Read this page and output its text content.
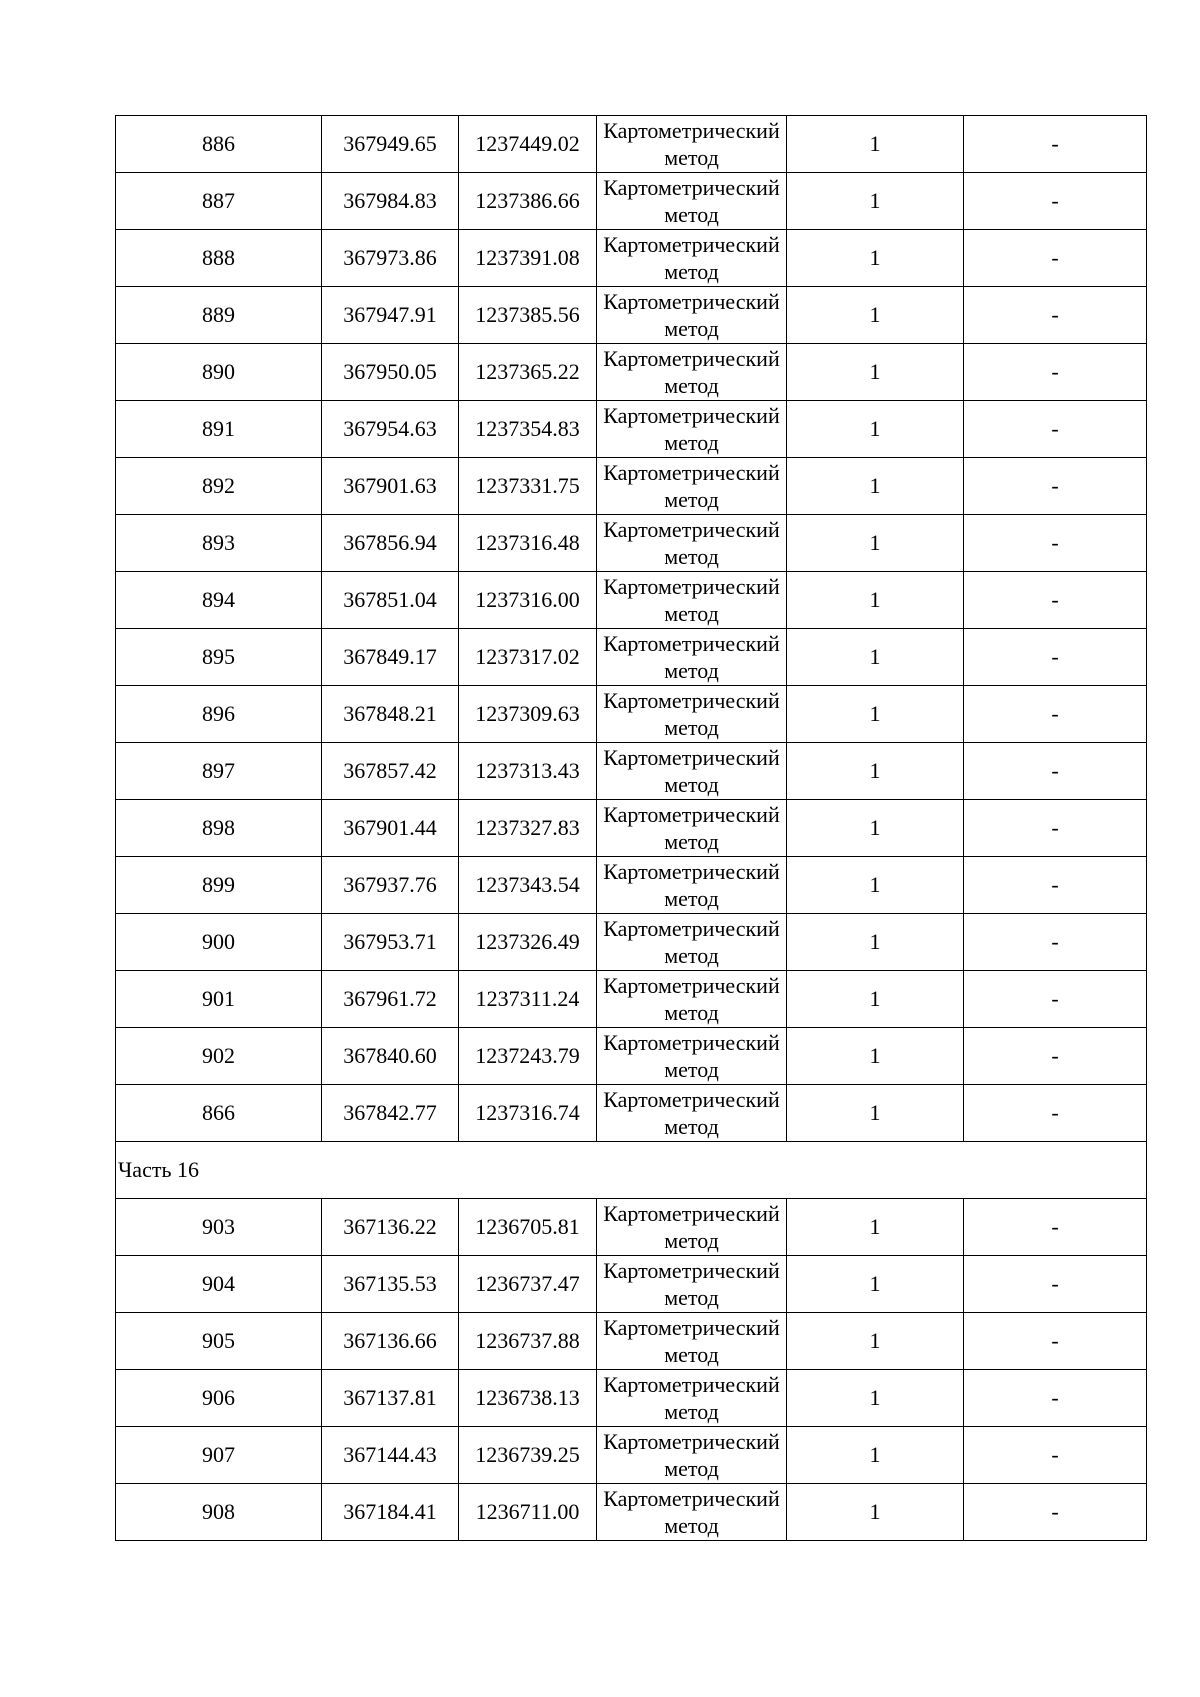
886	367949.65	1237449.02	Картометрический метод	1	-
887	367984.83	1237386.66	Картометрический метод	1	-
888	367973.86	1237391.08	Картометрический метод	1	-
889	367947.91	1237385.56	Картометрический метод	1	-
890	367950.05	1237365.22	Картометрический метод	1	-
891	367954.63	1237354.83	Картометрический метод	1	-
892	367901.63	1237331.75	Картометрический метод	1	-
893	367856.94	1237316.48	Картометрический метод	1	-
894	367851.04	1237316.00	Картометрический метод	1	-
895	367849.17	1237317.02	Картометрический метод	1	-
896	367848.21	1237309.63	Картометрический метод	1	-
897	367857.42	1237313.43	Картометрический метод	1	-
898	367901.44	1237327.83	Картометрический метод	1	-
899	367937.76	1237343.54	Картометрический метод	1	-
900	367953.71	1237326.49	Картометрический метод	1	-
901	367961.72	1237311.24	Картометрический метод	1	-
902	367840.60	1237243.79	Картометрический метод	1	-
866	367842.77	1237316.74	Картометрический метод	1	-
Часть 16					
903	367136.22	1236705.81	Картометрический метод	1	-
904	367135.53	1236737.47	Картометрический метод	1	-
905	367136.66	1236737.88	Картометрический метод	1	-
906	367137.81	1236738.13	Картометрический метод	1	-
907	367144.43	1236739.25	Картометрический метод	1	-
908	367184.41	1236711.00	Картометрический метод	1	-
